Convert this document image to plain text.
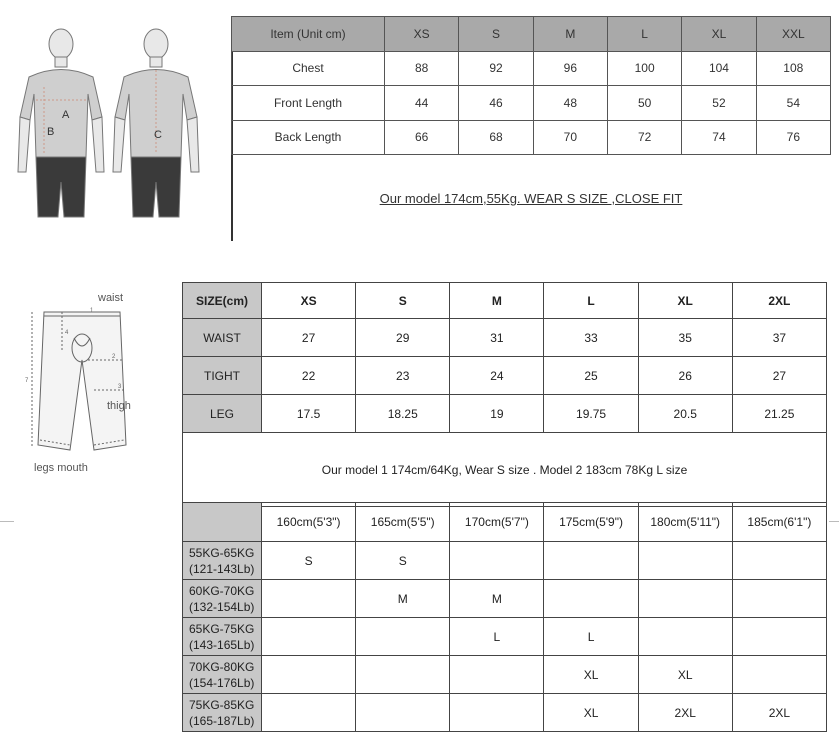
A
B	C
Item (Unit cm)	XS	S	M	L	XL	XXL
Chest	88	92	96	100	104	108
Front Length	44	46	48	50	52	54
Back Length	66	68	70	72	74	76
Our model 174cm,55Kg. WEAR S SIZE ,CLOSE FIT
1
2
3
4
7
waist
thigh
legs mouth
SIZE(cm)	XS	S	M	L	XL	2XL
WAIST	27	29	31	33	35	37
TIGHT	22	23	24	25	26	27
LEG	17.5	18.25	19	19.75	20.5	21.25
Our model 1 174cm/64Kg, Wear S size . Model 2 183cm 78Kg L size						
	160cm(5'3")	165cm(5'5")	170cm(5'7")	175cm(5'9")	180cm(5'11")	185cm(6'1")
55KG-65KG
(121-143Lb)	S	S				
60KG-70KG
(132-154Lb)		M	M			
65KG-75KG
(143-165Lb)			L	L		
70KG-80KG
(154-176Lb)				XL	XL	
75KG-85KG
(165-187Lb)				XL	2XL	2XL
